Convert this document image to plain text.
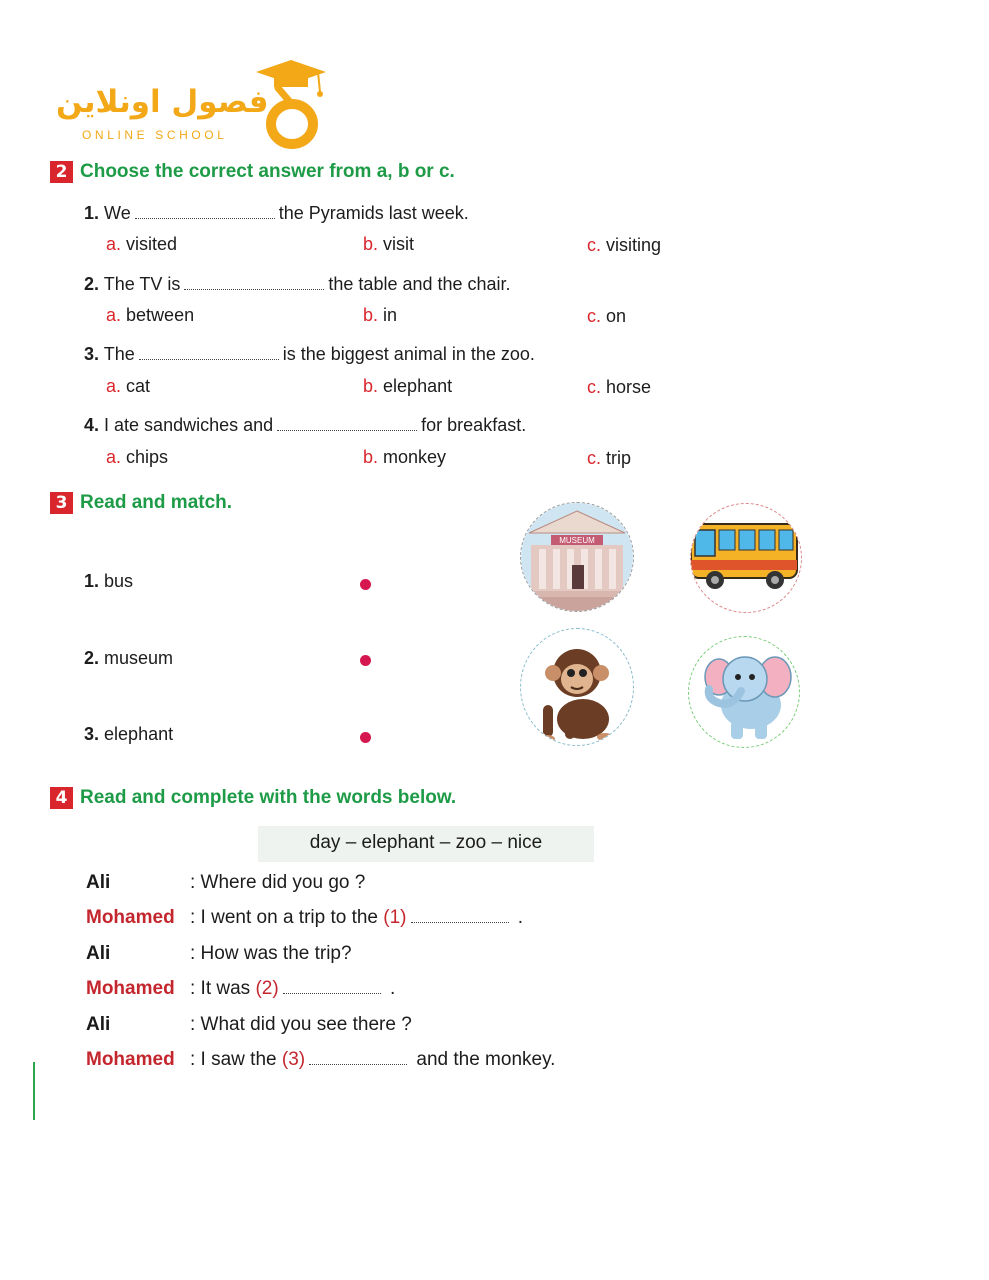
فصول اونلاين
ONLINE SCHOOL
2 Choose the correct answer from a, b or c.
1. We	the Pyramids last week.
a. visited	b. visit	c. visiting
2. The TV is	the table and the chair.
a. between	b. in	c. on
3. The	is the biggest animal in the zoo.
a. cat	b. elephant	c. horse
4. I ate sandwiches and	for breakfast.
a. chips	b. monkey	c. trip
3 Read and match.
1. bus
2. museum
3. elephant
MUSEUM
4 Read and complete with the words below.
day – elephant – zoo – nice
Ali	: Where did you go ?
Mohamed : I went on a trip to the (1)	.
Ali	: How was the trip?
Mohamed : It was (2)	.
Ali	: What did you see there ?
Mohamed : I saw the (3)	and the monkey.
